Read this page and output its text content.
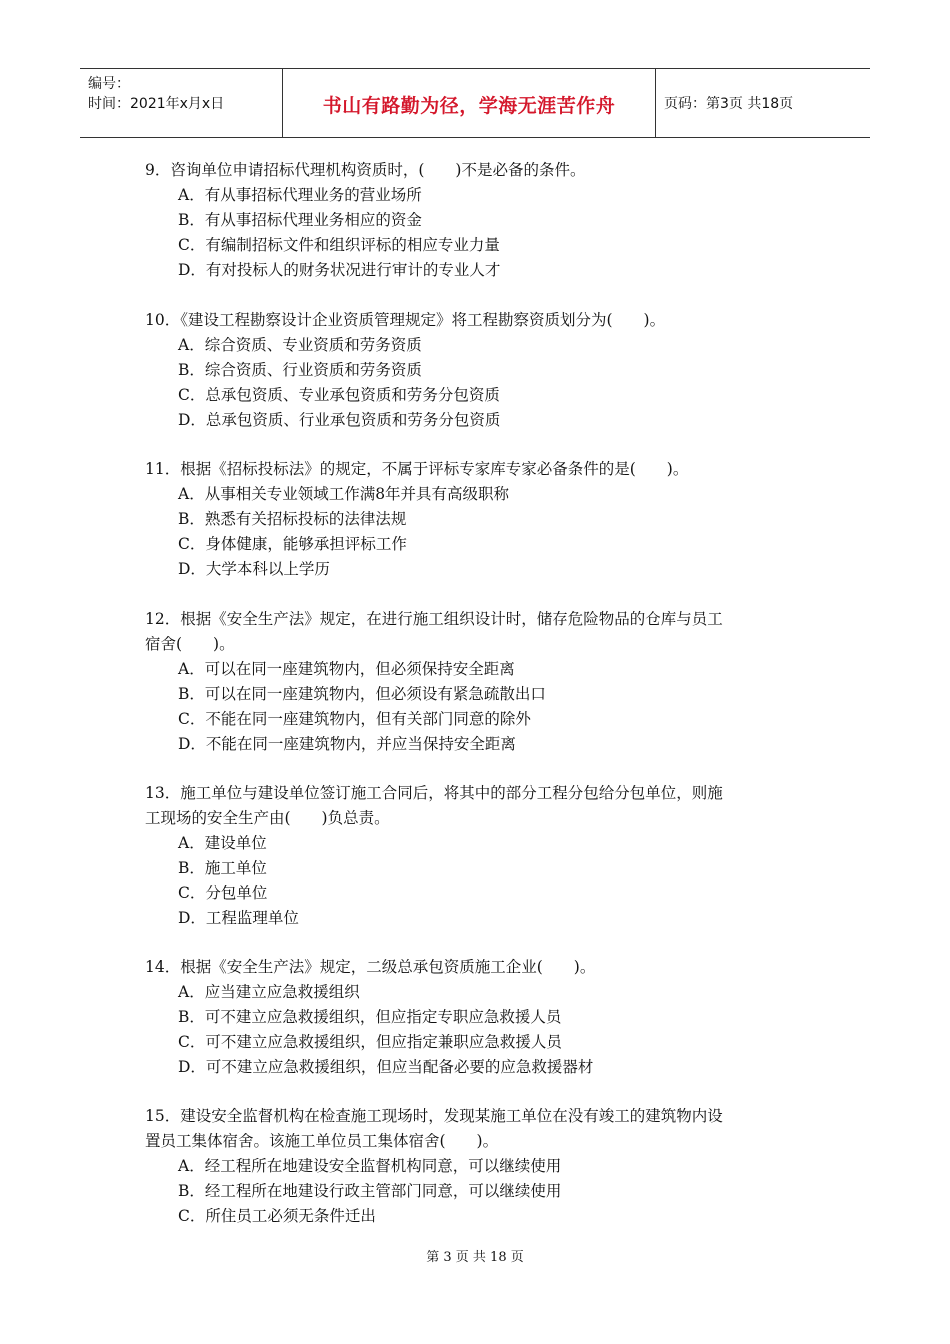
编号：
时间：2021年x月x日	书山有路勤为径，学海无涯苦作舟	页码：第3页 共18页

9．咨询单位申请招标代理机构资质时，(　　)不是必备的条件。

A．有从事招标代理业务的营业场所

B．有从事招标代理业务相应的资金

C．有编制招标文件和组织评标的相应专业力量

D．有对投标人的财务状况进行审计的专业人才

10．《建设工程勘察设计企业资质管理规定》将工程勘察资质划分为(　　)。

A．综合资质、专业资质和劳务资质

B．综合资质、行业资质和劳务资质

C．总承包资质、专业承包资质和劳务分包资质

D．总承包资质、行业承包资质和劳务分包资质

11．根据《招标投标法》的规定，不属于评标专家库专家必备条件的是(　　)。

A．从事相关专业领域工作满8年并具有高级职称

B．熟悉有关招标投标的法律法规

C．身体健康，能够承担评标工作

D．大学本科以上学历

12．根据《安全生产法》规定，在进行施工组织设计时，储存危险物品的仓库与员工

宿舍(　　)。

A．可以在同一座建筑物内，但必须保持安全距离

B．可以在同一座建筑物内，但必须设有紧急疏散出口

C．不能在同一座建筑物内，但有关部门同意的除外

D．不能在同一座建筑物内，并应当保持安全距离

13．施工单位与建设单位签订施工合同后，将其中的部分工程分包给分包单位，则施

工现场的安全生产由(　　)负总责。

A．建设单位

B．施工单位

C．分包单位

D．工程监理单位

14．根据《安全生产法》规定，二级总承包资质施工企业(　　)。

A．应当建立应急救援组织

B．可不建立应急救援组织，但应指定专职应急救援人员

C．可不建立应急救援组织，但应指定兼职应急救援人员

D．可不建立应急救援组织，但应当配备必要的应急救援器材

15．建设安全监督机构在检查施工现场时，发现某施工单位在没有竣工的建筑物内设

置员工集体宿舍。该施工单位员工集体宿舍(　　)。

A．经工程所在地建设安全监督机构同意，可以继续使用

B．经工程所在地建设行政主管部门同意，可以继续使用

C．所住员工必须无条件迁出

第 3 页 共 18 页
